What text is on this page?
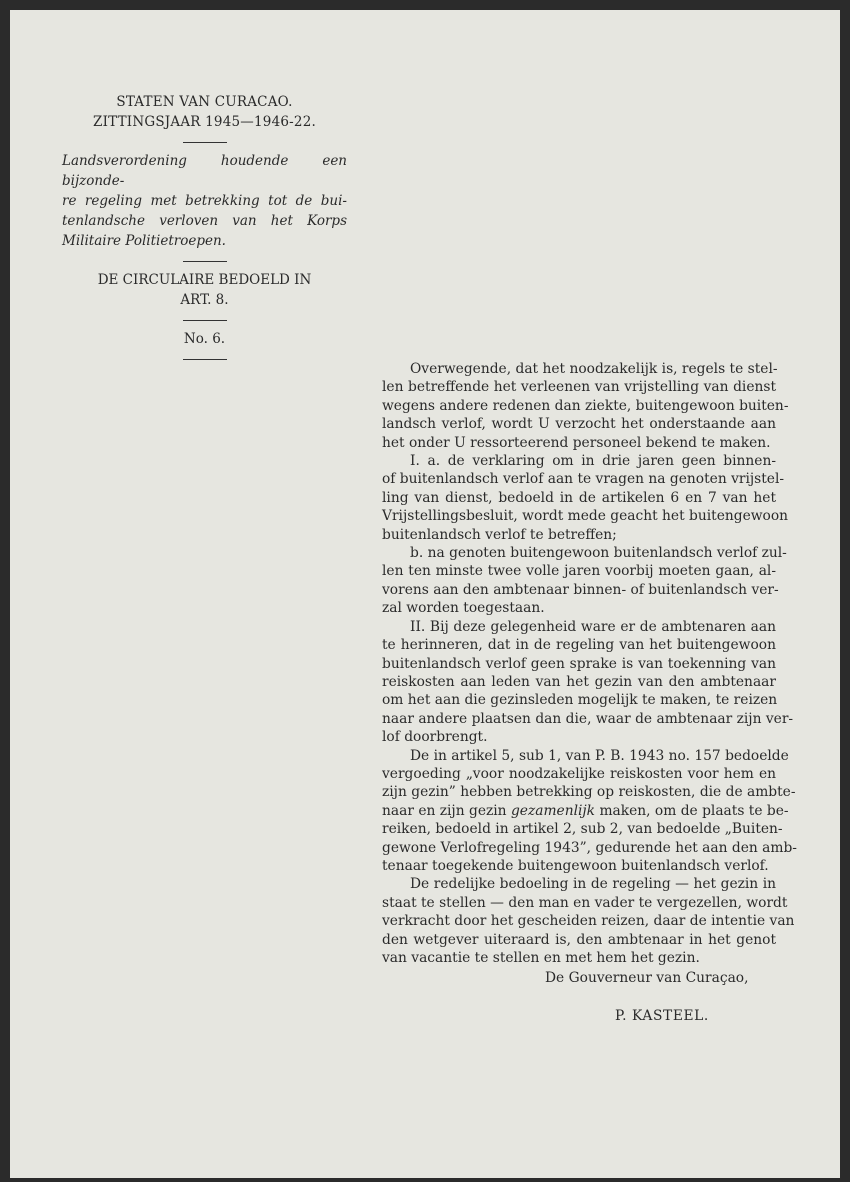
STATEN VAN CURACAO.
ZITTINGSJAAR 1945—1946-22.
Landsverordening houdende een bijzonde-
re regeling met betrekking tot de bui-
tenlandsche verloven van het Korps
Militaire Politietroepen.
DE CIRCULAIRE BEDOELD IN
ART. 8.
No. 6.
Overwegende, dat het noodzakelijk is, regels te stel-
len betreffende het verleenen van vrijstelling van dienst
wegens andere redenen dan ziekte, buitengewoon buiten-
landsch verlof, wordt U verzocht het onderstaande aan
het onder U ressorteerend personeel bekend te maken.
I. a. de verklaring om in drie jaren geen binnen-
of buitenlandsch verlof aan te vragen na genoten vrijstel-
ling van dienst, bedoeld in de artikelen 6 en 7 van het
Vrijstellingsbesluit, wordt mede geacht het buitengewoon
buitenlandsch verlof te betreffen;
b. na genoten buitengewoon buitenlandsch verlof zul-
len ten minste twee volle jaren voorbij moeten gaan, al-
vorens aan den ambtenaar binnen- of buitenlandsch ver-
zal worden toegestaan.
II. Bij deze gelegenheid ware er de ambtenaren aan
te herinneren, dat in de regeling van het buitengewoon
buitenlandsch verlof geen sprake is van toekenning van
reiskosten aan leden van het gezin van den ambtenaar
om het aan die gezinsleden mogelijk te maken, te reizen
naar andere plaatsen dan die, waar de ambtenaar zijn ver-
lof doorbrengt.
De in artikel 5, sub 1, van P. B. 1943 no. 157 bedoelde
vergoeding „voor noodzakelijke reiskosten voor hem en
zijn gezin” hebben betrekking op reiskosten, die de ambte-
naar en zijn gezin gezamenlijk maken, om de plaats te be-
reiken, bedoeld in artikel 2, sub 2, van bedoelde „Buiten-
gewone Verlofregeling 1943”, gedurende het aan den amb-
tenaar toegekende buitengewoon buitenlandsch verlof.
De redelijke bedoeling in de regeling — het gezin in
staat te stellen — den man en vader te vergezellen, wordt
verkracht door het gescheiden reizen, daar de intentie van
den wetgever uiteraard is, den ambtenaar in het genot
van vacantie te stellen en met hem het gezin.
De Gouverneur van Curaçao,
P. KASTEEL.
